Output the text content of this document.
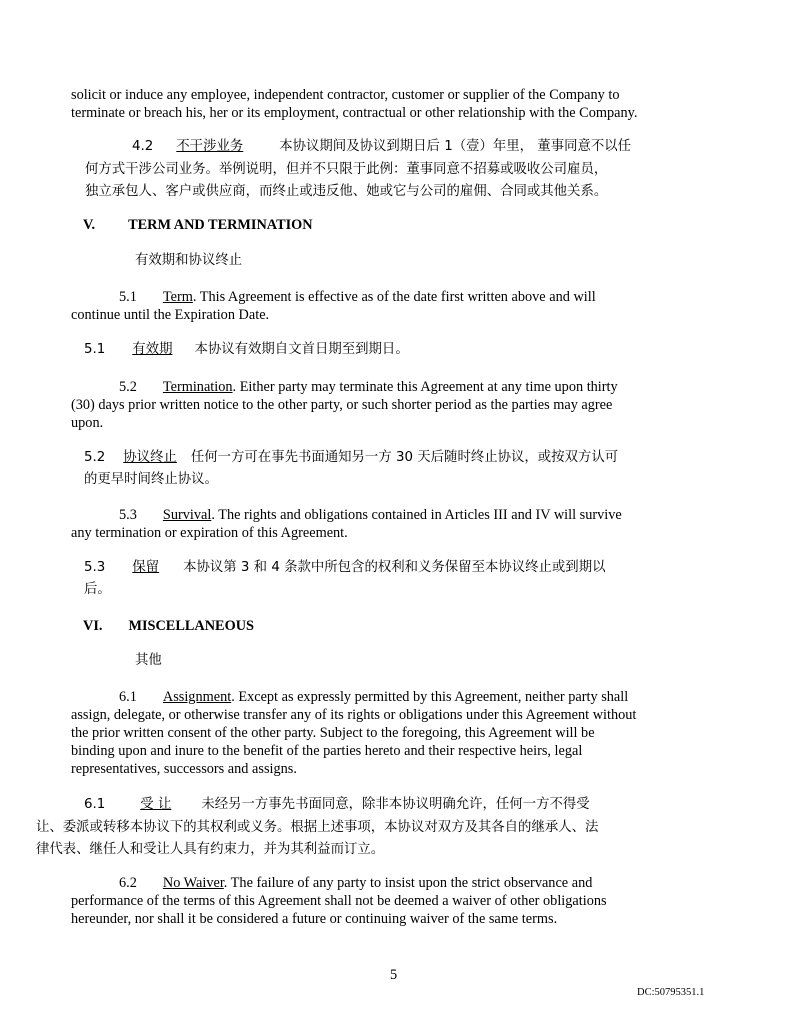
solicit or induce any employee, independent contractor, customer or supplier of the Company to
terminate or breach his, her or its employment, contractual or other relationship with the Company.
4.2 不干涉业务	本协议期间及协议到期日后 1（壹）年里， 董事同意不以任
何方式干涉公司业务。举例说明，但并不只限于此例：董事同意不招募或吸收公司雇员，
独立承包人、客户或供应商，而终止或违反他、她或它与公司的雇佣、合同或其他关系。
V. TERM AND TERMINATION
有效期和协议终止
5.1 Term. This Agreement is effective as of the date first written above and will
continue until the Expiration Date.
5.1 有效期 本协议有效期自文首日期至到期日。
5.2 Termination. Either party may terminate this Agreement at any time upon thirty
(30) days prior written notice to the other party, or such shorter period as the parties may agree
upon.
5.2 协议终止 任何一方可在事先书面通知另一方 30 天后随时终止协议，或按双方认可
的更早时间终止协议。
5.3 Survival. The rights and obligations contained in Articles III and IV will survive
any termination or expiration of this Agreement.
5.3 保留 本协议第 3 和 4 条款中所包含的权利和义务保留至本协议终止或到期以
后。
VI. MISCELLANEOUS
其他
6.1 Assignment. Except as expressly permitted by this Agreement, neither party shall
assign, delegate, or otherwise transfer any of its rights or obligations under this Agreement without
the prior written consent of the other party. Subject to the foregoing, this Agreement will be
binding upon and inure to the benefit of the parties hereto and their respective heirs, legal
representatives, successors and assigns.
6.1	受 让 未经另一方事先书面同意，除非本协议明确允许，任何一方不得受
让、委派或转移本协议下的其权利或义务。根据上述事项，本协议对双方及其各自的继承人、法
律代表、继任人和受让人具有约束力，并为其利益而订立。
6.2 No Waiver. The failure of any party to insist upon the strict observance and
performance of the terms of this Agreement shall not be deemed a waiver of other obligations
hereunder, nor shall it be considered a future or continuing waiver of the same terms.
5
DC:50795351.1
